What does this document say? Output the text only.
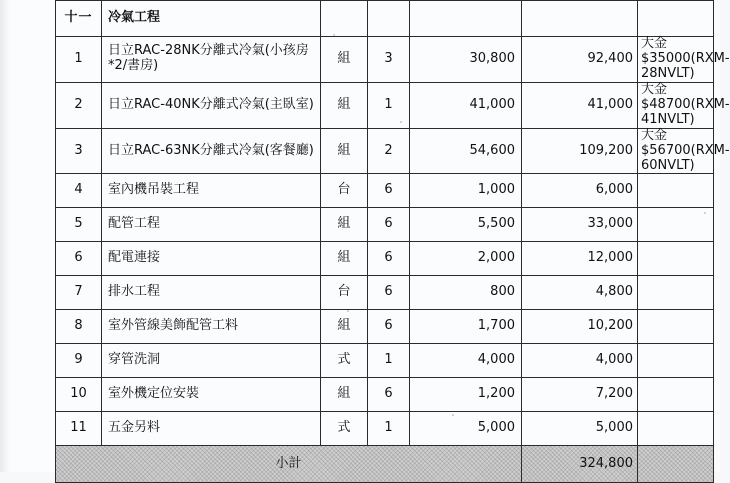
十一	冷氣工程					
1	日立RAC-28NK分離式冷氣(小孩房*2/書房)	組	3	30,800	92,400	大金$35000(RXM-28NVLT)
2	日立RAC-40NK分離式冷氣(主臥室)	組	1	41,000	41,000	大金$48700(RXM-41NVLT)
3	日立RAC-63NK分離式冷氣(客餐廳)	組	2	54,600	109,200	大金$56700(RXM-60NVLT)
4	室內機吊裝工程	台	6	1,000	6,000	
5	配管工程	組	6	5,500	33,000	
6	配電連接	組	6	2,000	12,000	
7	排水工程	台	6	800	4,800	
8	室外管線美飾配管工料	組	6	1,700	10,200	
9	穿管洗洞	式	1	4,000	4,000	
10	室外機定位安裝	組	6	1,200	7,200	
11	五金另料	式	1	5,000	5,000	
小計					324,800	
